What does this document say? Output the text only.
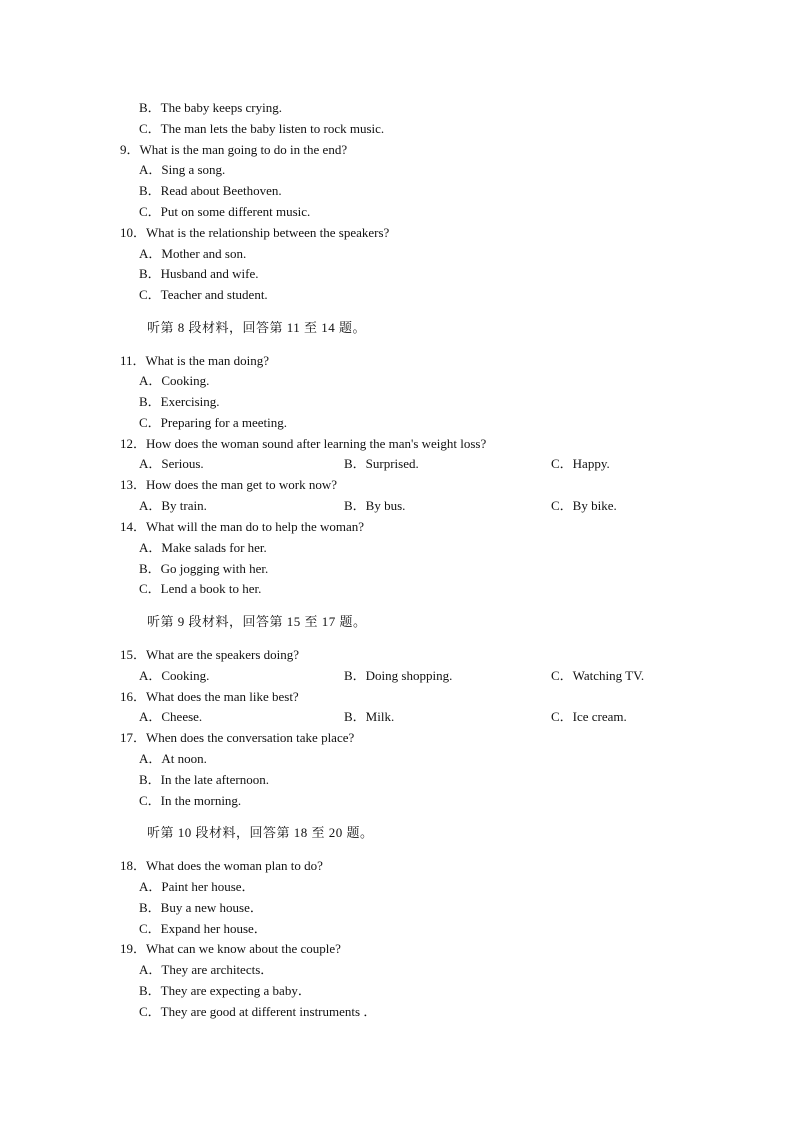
B．The baby keeps crying.
C．The man lets the baby listen to rock music.
9．What is the man going to do in the end?
A．Sing a song.
B．Read about Beethoven.
C．Put on some different music.
10．What is the relationship between the speakers?
A．Mother and son.
B．Husband and wife.
C．Teacher and student.
听第 8 段材料，回答第 11 至 14 题。
11．What is the man doing?
A．Cooking.
B．Exercising.
C．Preparing for a meeting.
12．How does the woman sound after learning the man's weight loss?
A．Serious.	B．Surprised.	C．Happy.
13．How does the man get to work now?
A．By train.	B．By bus.	C．By bike.
14．What will the man do to help the woman?
A．Make salads for her.
B．Go jogging with her.
C．Lend a book to her.
听第 9 段材料，回答第 15 至 17 题。
15．What are the speakers doing?
A．Cooking.	B．Doing shopping.	C．Watching TV.
16．What does the man like best?
A．Cheese.	B．Milk.	C．Ice cream.
17．When does the conversation take place?
A．At noon.
B．In the late afternoon.
C．In the morning.
听第 10 段材料，回答第 18 至 20 题。
18．What does the woman plan to do?
A．Paint her house．
B．Buy a new house．
C．Expand her house．
19．What can we know about the couple?
A．They are architects．
B．They are expecting a baby．
C．They are good at different instruments ．
